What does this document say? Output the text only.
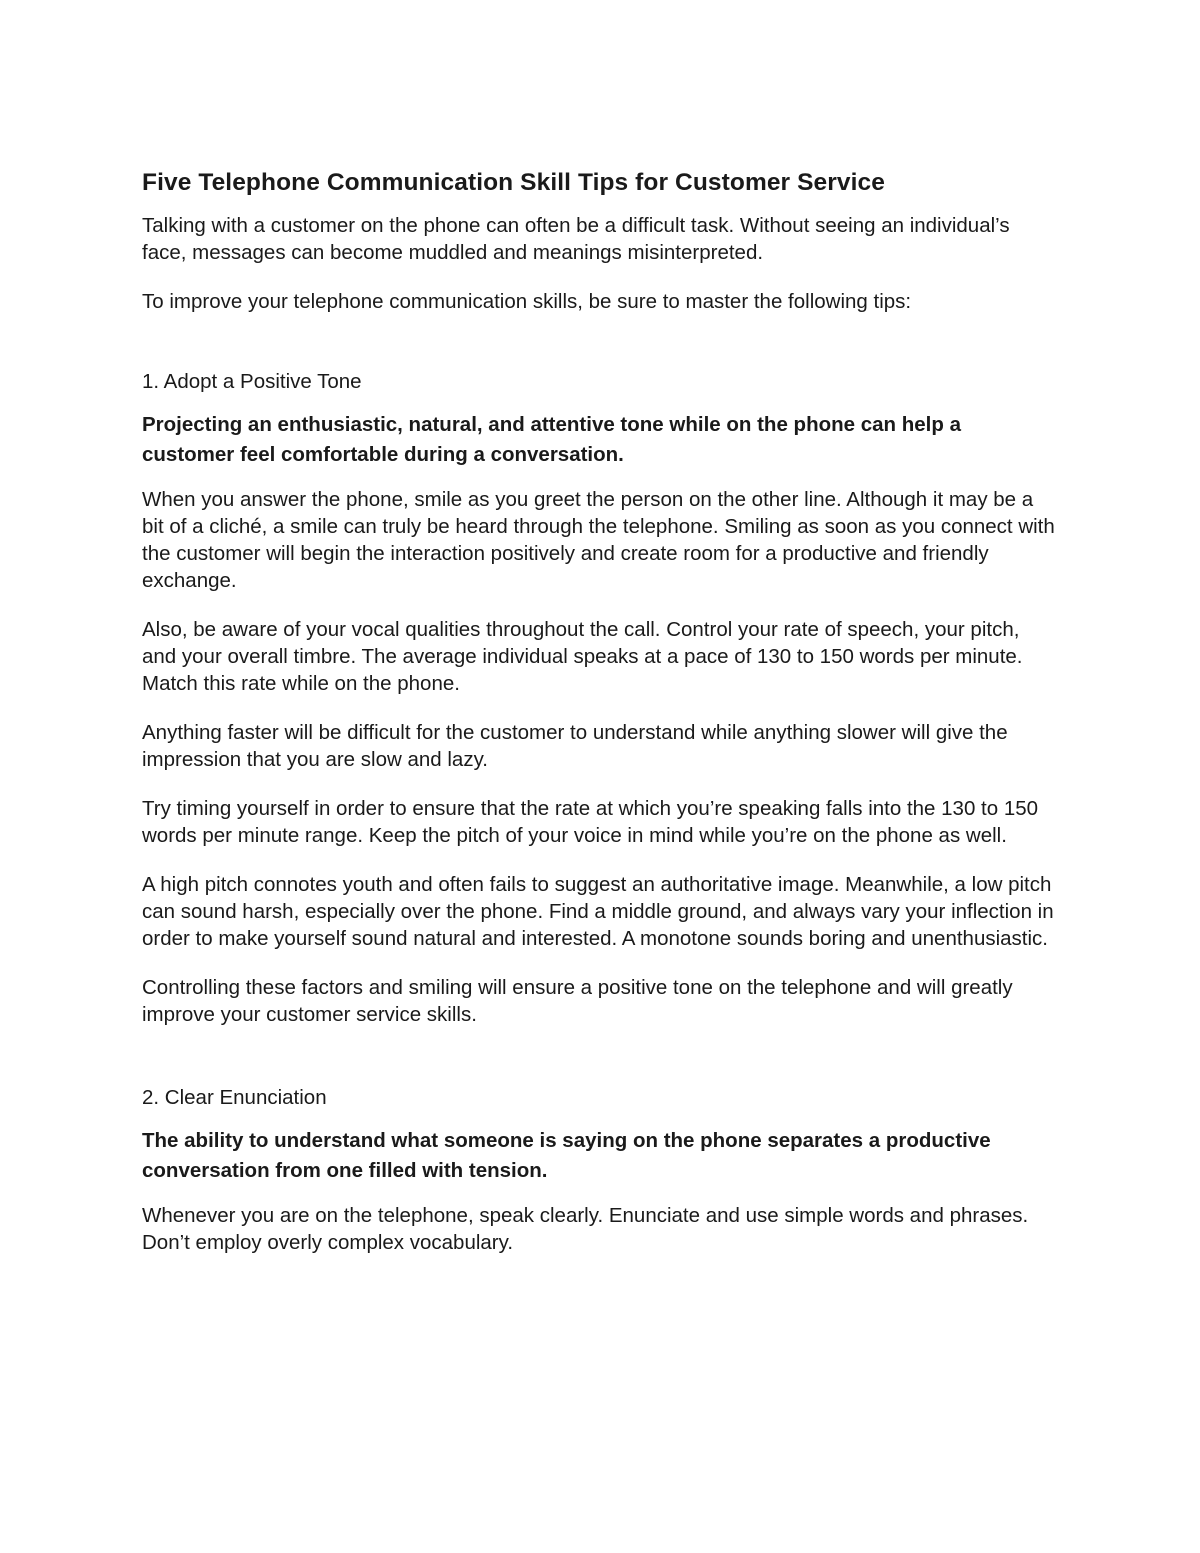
Five Telephone Communication Skill Tips for Customer Service

Talking with a customer on the phone can often be a difficult task. Without seeing an individual’s face, messages can become muddled and meanings misinterpreted.

To improve your telephone communication skills, be sure to master the following tips:

1. Adopt a Positive Tone

Projecting an enthusiastic, natural, and attentive tone while on the phone can help a customer feel comfortable during a conversation.

When you answer the phone, smile as you greet the person on the other line. Although it may be a bit of a cliché, a smile can truly be heard through the telephone. Smiling as soon as you connect with the customer will begin the interaction positively and create room for a productive and friendly exchange.

Also, be aware of your vocal qualities throughout the call. Control your rate of speech, your pitch, and your overall timbre. The average individual speaks at a pace of 130 to 150 words per minute. Match this rate while on the phone.

Anything faster will be difficult for the customer to understand while anything slower will give the impression that you are slow and lazy.

Try timing yourself in order to ensure that the rate at which you’re speaking falls into the 130 to 150 words per minute range. Keep the pitch of your voice in mind while you’re on the phone as well.

A high pitch connotes youth and often fails to suggest an authoritative image. Meanwhile, a low pitch can sound harsh, especially over the phone. Find a middle ground, and always vary your inflection in order to make yourself sound natural and interested. A monotone sounds boring and unenthusiastic.

Controlling these factors and smiling will ensure a positive tone on the telephone and will greatly improve your customer service skills.

2. Clear Enunciation

The ability to understand what someone is saying on the phone separates a productive conversation from one filled with tension.

Whenever you are on the telephone, speak clearly. Enunciate and use simple words and phrases. Don’t employ overly complex vocabulary.
